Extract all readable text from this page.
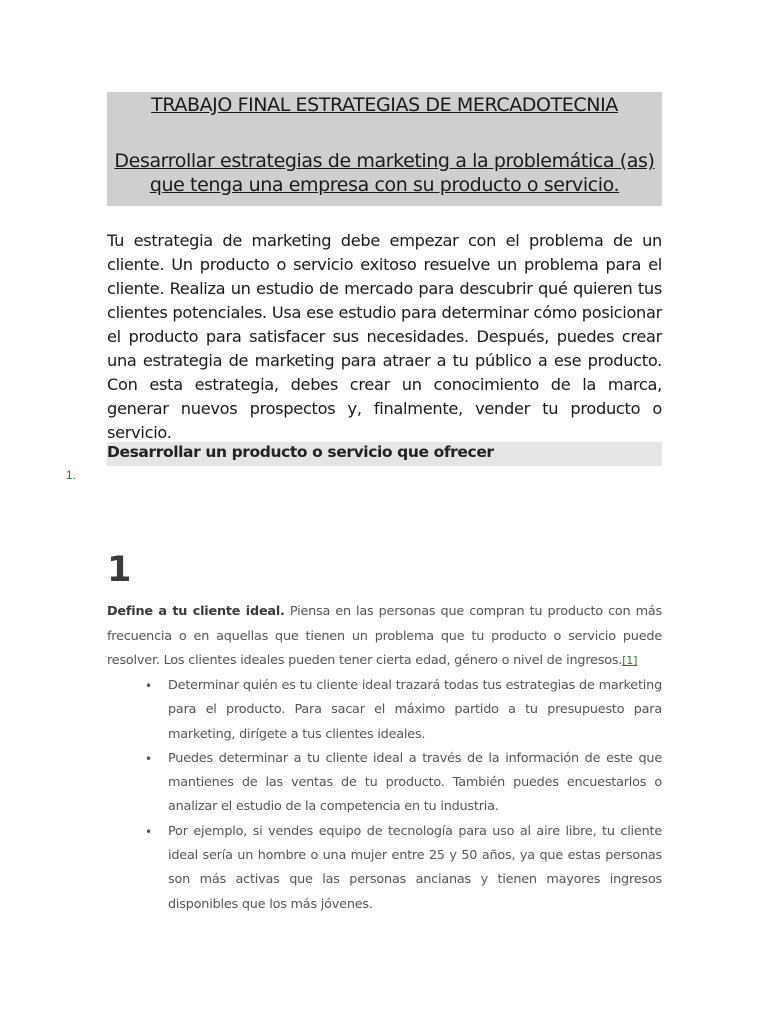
TRABAJO FINAL ESTRATEGIAS DE MERCADOTECNIA
Desarrollar estrategias de marketing a la problemática (as)
que tenga una empresa con su producto o servicio.

Tu estrategia de marketing debe empezar con el problema de un cliente. Un producto o servicio exitoso resuelve un problema para el cliente. Realiza un estudio de mercado para descubrir qué quieren tus clientes potenciales. Usa ese estudio para determinar cómo posicionar el producto para satisfacer sus necesidades. Después, puedes crear una estrategia de marketing para atraer a tu público a ese producto. Con esta estrategia, debes crear un conocimiento de la marca, generar nuevos prospectos y, finalmente, vender tu producto o servicio.

Desarrollar un producto o servicio que ofrecer
1.
1

Define a tu cliente ideal. Piensa en las personas que compran tu producto con más frecuencia o en aquellas que tienen un problema que tu producto o servicio puede resolver. Los clientes ideales pueden tener cierta edad, género o nivel de ingresos.[1]

• Determinar quién es tu cliente ideal trazará todas tus estrategias de marketing para el producto. Para sacar el máximo partido a tu presupuesto para marketing, dirígete a tus clientes ideales.
• Puedes determinar a tu cliente ideal a través de la información de este que mantienes de las ventas de tu producto. También puedes encuestarlos o analizar el estudio de la competencia en tu industria.
• Por ejemplo, si vendes equipo de tecnología para uso al aire libre, tu cliente ideal sería un hombre o una mujer entre 25 y 50 años, ya que estas personas son más activas que las personas ancianas y tienen mayores ingresos disponibles que los más jóvenes.
